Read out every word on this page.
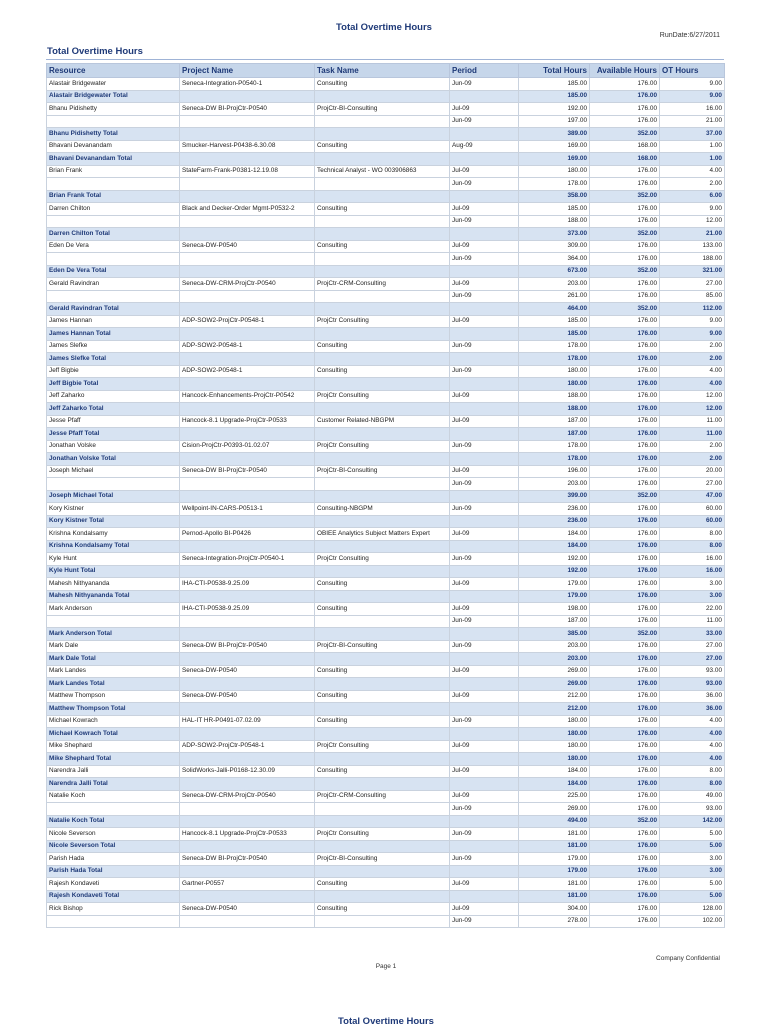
Total Overtime Hours
RunDate:6/27/2011
Total Overtime Hours
Resource	Project Name	Task Name	Period	Total Hours	Available Hours	OT Hours
Alastair Bridgewater	Seneca-Integration-P0540-1	Consulting	Jun-09	185.00	176.00	9.00
Alastair Bridgewater Total				185.00	176.00	9.00
Bhanu Pidishetty	Seneca-DW BI-ProjCtr-P0540	ProjCtr-BI-Consulting	Jul-09	192.00	176.00	16.00
			Jun-09	197.00	176.00	21.00
Bhanu Pidishetty Total				389.00	352.00	37.00
Bhavani Devanandam	Smucker-Harvest-P0438-6.30.08	Consulting	Aug-09	169.00	168.00	1.00
Bhavani Devanandam Total				169.00	168.00	1.00
Brian Frank	StateFarm-Frank-P0381-12.19.08	Technical Analyst - WO 003906863	Jul-09	180.00	176.00	4.00
			Jun-09	178.00	176.00	2.00
Brian Frank Total				358.00	352.00	6.00
Darren Chilton	Black and Decker-Order Mgmt-P0532-2	Consulting	Jul-09	185.00	176.00	9.00
			Jun-09	188.00	176.00	12.00
Darren Chilton Total				373.00	352.00	21.00
Eden De Vera	Seneca-DW-P0540	Consulting	Jul-09	309.00	176.00	133.00
			Jun-09	364.00	176.00	188.00
Eden De Vera Total				673.00	352.00	321.00
Gerald Ravindran	Seneca-DW-CRM-ProjCtr-P0540	ProjCtr-CRM-Consulting	Jul-09	203.00	176.00	27.00
			Jun-09	261.00	176.00	85.00
Gerald Ravindran Total				464.00	352.00	112.00
James Hannan	ADP-SOW2-ProjCtr-P0548-1	ProjCtr Consulting	Jul-09	185.00	176.00	9.00
James Hannan Total				185.00	176.00	9.00
James Slefke	ADP-SOW2-P0548-1	Consulting	Jun-09	178.00	176.00	2.00
James Slefke Total				178.00	176.00	2.00
Jeff Bigbie	ADP-SOW2-P0548-1	Consulting	Jun-09	180.00	176.00	4.00
Jeff Bigbie Total				180.00	176.00	4.00
Jeff Zaharko	Hancock-Enhancements-ProjCtr-P0542	ProjCtr Consulting	Jul-09	188.00	176.00	12.00
Jeff Zaharko Total				188.00	176.00	12.00
Jesse Pfaff	Hancock-8.1 Upgrade-ProjCtr-P0533	Customer Related-NBGPM	Jul-09	187.00	176.00	11.00
Jesse Pfaff Total				187.00	176.00	11.00
Jonathan Volske	Cision-ProjCtr-P0393-01.02.07	ProjCtr Consulting	Jun-09	178.00	176.00	2.00
Jonathan Volske Total				178.00	176.00	2.00
Joseph Michael	Seneca-DW BI-ProjCtr-P0540	ProjCtr-BI-Consulting	Jul-09	196.00	176.00	20.00
			Jun-09	203.00	176.00	27.00
Joseph Michael Total				399.00	352.00	47.00
Kory Kistner	Wellpoint-IN-CARS-P0513-1	Consulting-NBGPM	Jun-09	236.00	176.00	60.00
Kory Kistner Total				236.00	176.00	60.00
Krishna Kondalsamy	Pernod-Apollo BI-P0426	OBIEE Analytics Subject Matters Expert	Jul-09	184.00	176.00	8.00
Krishna Kondalsamy Total				184.00	176.00	8.00
Kyle Hunt	Seneca-Integration-ProjCtr-P0540-1	ProjCtr Consulting	Jun-09	192.00	176.00	16.00
Kyle Hunt Total				192.00	176.00	16.00
Mahesh Nithyananda	IHA-CTI-P0538-9.25.09	Consulting	Jul-09	179.00	176.00	3.00
Mahesh Nithyananda Total				179.00	176.00	3.00
Mark Anderson	IHA-CTI-P0538-9.25.09	Consulting	Jul-09	198.00	176.00	22.00
			Jun-09	187.00	176.00	11.00
Mark Anderson Total				385.00	352.00	33.00
Mark Dale	Seneca-DW BI-ProjCtr-P0540	ProjCtr-BI-Consulting	Jun-09	203.00	176.00	27.00
Mark Dale Total				203.00	176.00	27.00
Mark Landes	Seneca-DW-P0540	Consulting	Jul-09	269.00	176.00	93.00
Mark Landes Total				269.00	176.00	93.00
Matthew Thompson	Seneca-DW-P0540	Consulting	Jul-09	212.00	176.00	36.00
Matthew Thompson Total				212.00	176.00	36.00
Michael Kowrach	HAL-IT HR-P0491-07.02.09	Consulting	Jun-09	180.00	176.00	4.00
Michael Kowrach Total				180.00	176.00	4.00
Mike Shephard	ADP-SOW2-ProjCtr-P0548-1	ProjCtr Consulting	Jul-09	180.00	176.00	4.00
Mike Shephard Total				180.00	176.00	4.00
Narendra Jalli	SolidWorks-Jalli-P0168-12.30.09	Consulting	Jul-09	184.00	176.00	8.00
Narendra Jalli Total				184.00	176.00	8.00
Natalie Koch	Seneca-DW-CRM-ProjCtr-P0540	ProjCtr-CRM-Consulting	Jul-09	225.00	176.00	49.00
			Jun-09	269.00	176.00	93.00
Natalie Koch Total				494.00	352.00	142.00
Nicole Severson	Hancock-8.1 Upgrade-ProjCtr-P0533	ProjCtr Consulting	Jun-09	181.00	176.00	5.00
Nicole Severson Total				181.00	176.00	5.00
Parish Hada	Seneca-DW BI-ProjCtr-P0540	ProjCtr-BI-Consulting	Jun-09	179.00	176.00	3.00
Parish Hada Total				179.00	176.00	3.00
Rajesh Kondaveti	Gartner-P0557	Consulting	Jul-09	181.00	176.00	5.00
Rajesh Kondaveti Total				181.00	176.00	5.00
Rick Bishop	Seneca-DW-P0540	Consulting	Jul-09	304.00	176.00	128.00
			Jun-09	278.00	176.00	102.00
Company Confidential
Page 1
Total Overtime Hours
